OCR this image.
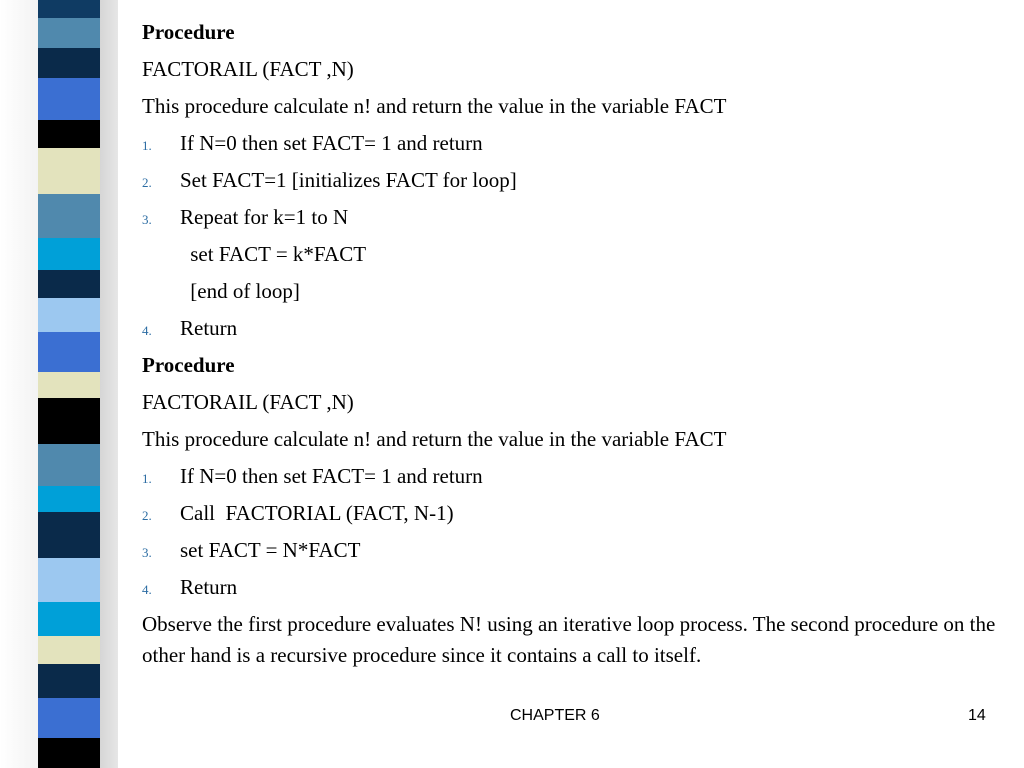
Procedure
FACTORAIL (FACT ,N)
This procedure calculate n! and return the value in the variable FACT
1.	If N=0 then set FACT= 1 and return
2.	Set FACT=1 [initializes FACT for loop]
3.	Repeat for k=1 to N
set FACT = k*FACT
[end of loop]
4.	Return
Procedure
FACTORAIL (FACT ,N)
This procedure calculate n! and return the value in the variable FACT
1.	If N=0 then set FACT= 1 and return
2.	Call  FACTORIAL (FACT, N-1)
3.	set FACT = N*FACT
4.	Return
Observe the first procedure evaluates N! using an iterative loop process. The second procedure on the other hand is a recursive procedure since it contains a call to itself.
CHAPTER 6	14
